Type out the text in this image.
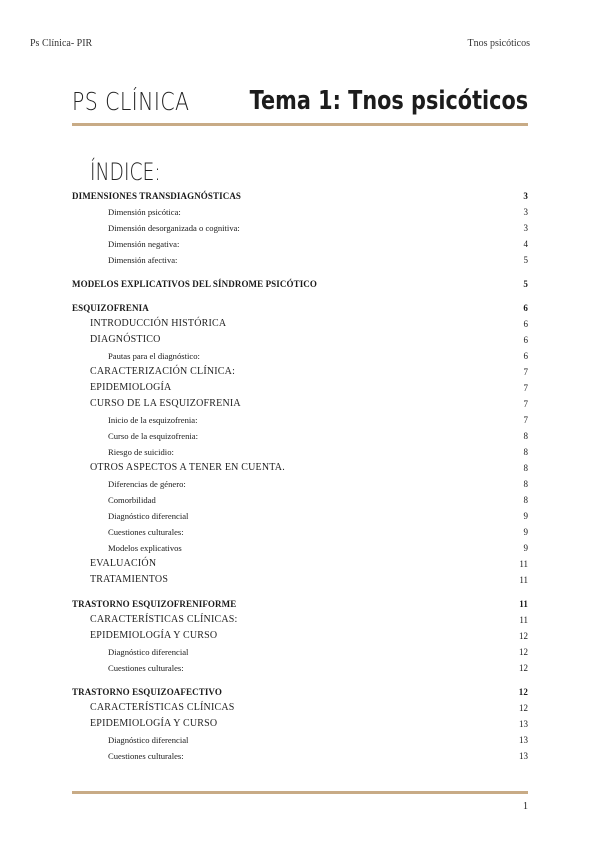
Ps Clínica- PIR	Tnos psicóticos
PS CLÍNICA Tema 1: Tnos psicóticos
ÍNDICE:
DIMENSIONES TRANSDIAGNÓSTICAS	3
Dimensión psicótica:	3
Dimensión desorganizada o cognitiva:	3
Dimensión negativa:	4
Dimensión afectiva:	5
MODELOS EXPLICATIVOS DEL SÍNDROME PSICÓTICO	5
ESQUIZOFRENIA	6
INTRODUCCIÓN HISTÓRICA	6
DIAGNÓSTICO	6
Pautas para el diagnóstico:	6
CARACTERIZACIÓN CLÍNICA:	7
EPIDEMIOLOGÍA	7
CURSO DE LA ESQUIZOFRENIA	7
Inicio de la esquizofrenia:	7
Curso de la esquizofrenia:	8
Riesgo de suicidio:	8
OTROS ASPECTOS A TENER EN CUENTA.	8
Diferencias de género:	8
Comorbilidad	8
Diagnóstico diferencial	9
Cuestiones culturales:	9
Modelos explicativos	9
EVALUACIÓN	11
TRATAMIENTOS	11
TRASTORNO ESQUIZOFRENIFORME	11
CARACTERÍSTICAS CLÍNICAS:	11
EPIDEMIOLOGÍA Y CURSO	12
Diagnóstico diferencial	12
Cuestiones culturales:	12
TRASTORNO ESQUIZOAFECTIVO	12
CARACTERÍSTICAS CLÍNICAS	12
EPIDEMIOLOGÍA Y CURSO	13
Diagnóstico diferencial	13
Cuestiones culturales:	13
1
